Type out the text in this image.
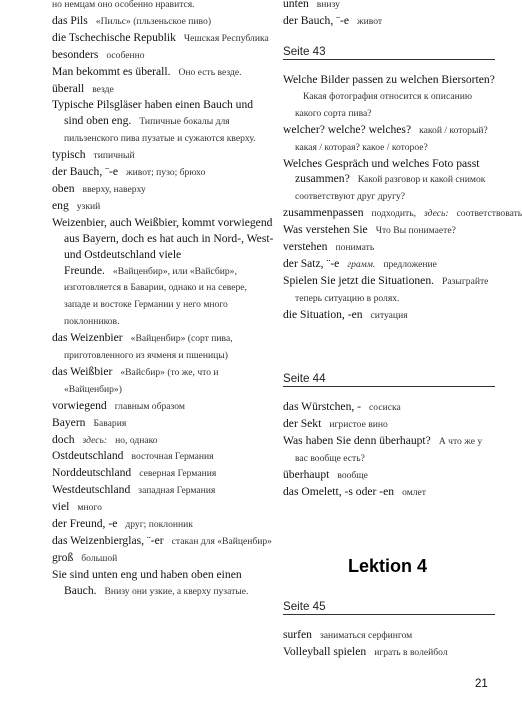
но немцам оно особенно нравится.
das Pils «Пильс» (пльзеньское пиво)
die Tschechische Republik Чешская Республика
besonders особенно
Man bekommt es überall. Оно есть везде.
überall везде
Typische Pilsgläser haben einen Bauch und sind oben eng. Типичные бокалы для пильзенского пива пузатые и сужаются кверху.
typisch типичный
der Bauch, ¨-e живот; пузо; брюхо
oben вверху, наверху
eng узкий
Weizenbier, auch Weißbier, kommt vorwiegend aus Bayern, doch es hat auch in Nord-, West- und Ostdeutschland viele Freunde. «Вайценбир», или «Вайсбир», изготовляется в Баварии, однако и на севере, западе и востоке Германии у него много поклонников.
das Weizenbier «Вайценбир» (сорт пива, приготовленного из ячменя и пшеницы)
das Weißbier «Вайсбир» (то же, что и «Вайценбир»)
vorwiegend главным образом
Bayern Бавария
doch здесь: но, однако
Ostdeutschland восточная Германия
Norddeutschland северная Германия
Westdeutschland западная Германия
viel много
der Freund, -e друг; поклонник
das Weizenbierglas, ¨-er стакан для «Вайценбир»
groß большой
Sie sind unten eng und haben oben einen Bauch. Внизу они узкие, а кверху пузатые.
unten внизу
der Bauch, ¨-e живот
Seite 43
Welche Bilder passen zu welchen Biersorten?Какая фотография относится к описанию какого сорта пива?
welcher? welche? welches? какой / который? какая / которая? какое / которое?
Welches Gespräch und welches Foto passt zusammen? Какой разговор и какой снимок соответствуют друг другу?
zusammenpassen подходить, здесь: соответствовать
Was verstehen Sie Что Вы понимаете?
verstehen понимать
der Satz, ¨-e грамм. предложение
Spielen Sie jetzt die Situationen. Разыграйте теперь ситуацию в ролях.
die Situation, -en ситуация
Seite 44
das Würstchen, - сосиска
der Sekt игристое вино
Was haben Sie denn überhaupt? А что же у вас вообще есть?
überhaupt вообще
das Omelett, -s oder -en омлет
Lektion 4
Seite 45
surfen заниматься серфингом
Volleyball spielen играть в волейбол
21
